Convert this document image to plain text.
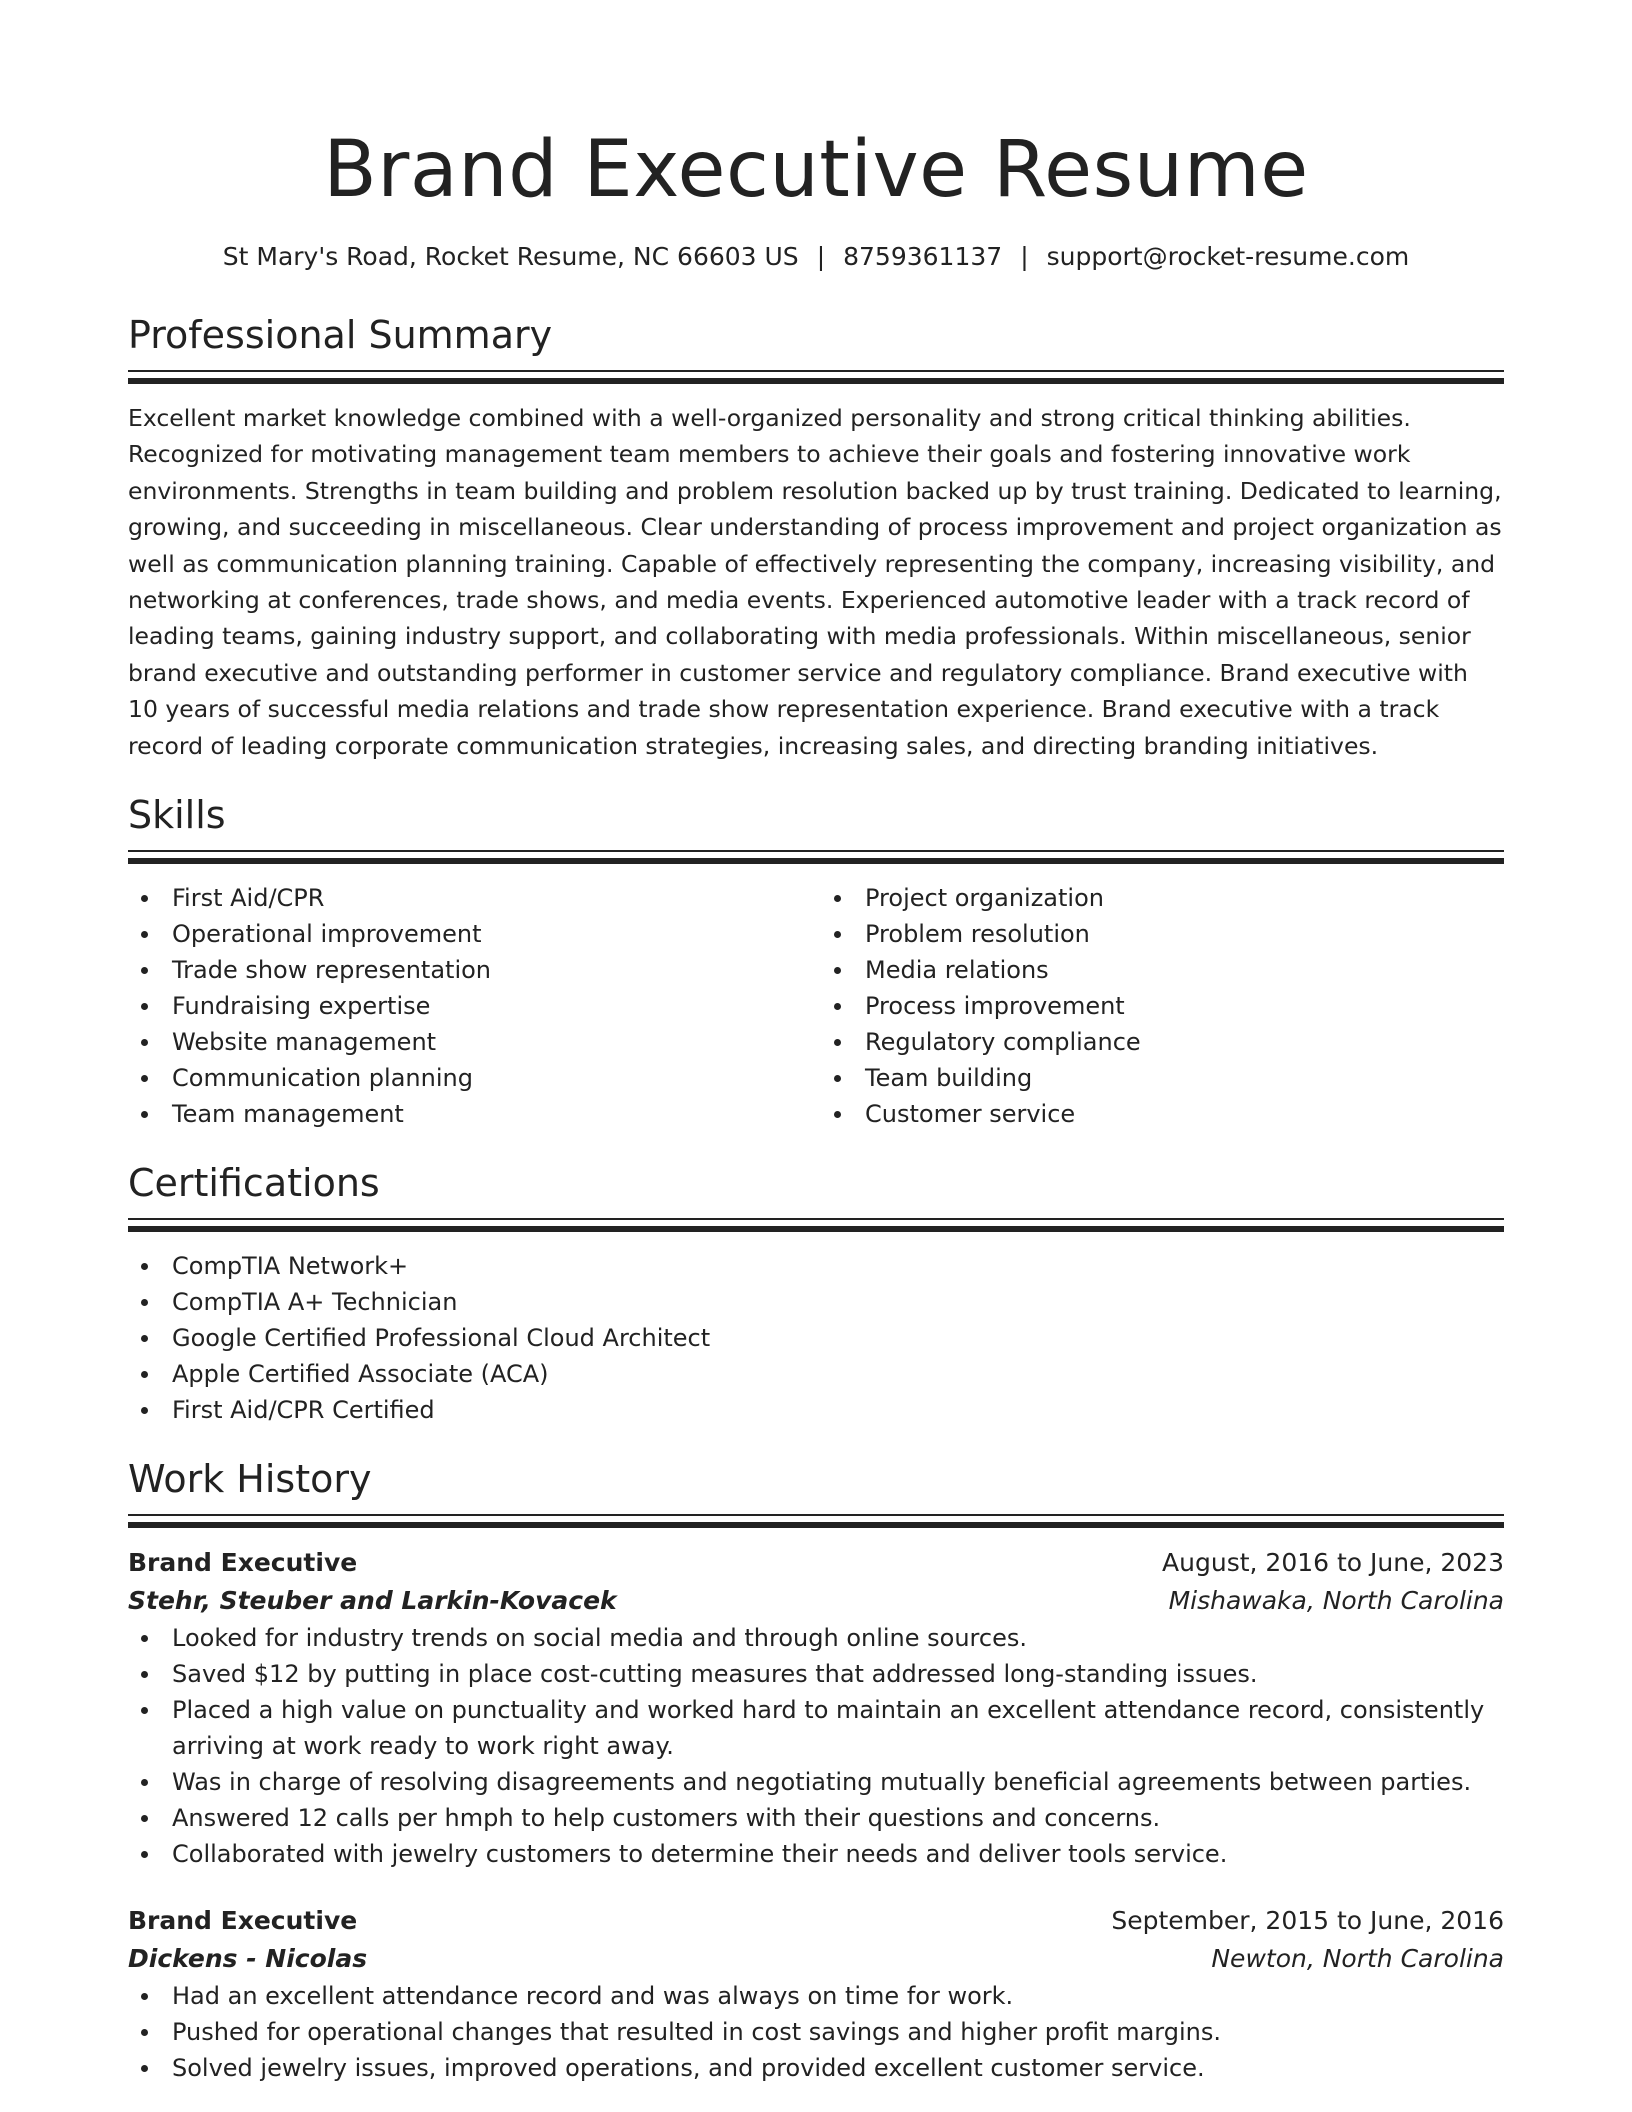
Brand Executive Resume
St Mary's Road, Rocket Resume, NC 66603 US | 8759361137 | support@rocket-resume.com
Professional Summary

Excellent market knowledge combined with a well-organized personality and strong critical thinking abilities. Recognized for motivating management team members to achieve their goals and fostering innovative work environments. Strengths in team building and problem resolution backed up by trust training. Dedicated to learning, growing, and succeeding in miscellaneous. Clear understanding of process improvement and project organization as well as communication planning training. Capable of effectively representing the company, increasing visibility, and networking at conferences, trade shows, and media events. Experienced automotive leader with a track record of leading teams, gaining industry support, and collaborating with media professionals. Within miscellaneous, senior brand executive and outstanding performer in customer service and regulatory compliance. Brand executive with 10 years of successful media relations and trade show representation experience. Brand executive with a track record of leading corporate communication strategies, increasing sales, and directing branding initiatives.

Skills
First Aid/CPR
Operational improvement
Trade show representation
Fundraising expertise
Website management
Communication planning
Team management
Project organization
Problem resolution
Media relations
Process improvement
Regulatory compliance
Team building
Customer service
Certifications
CompTIA Network+
CompTIA A+ Technician
Google Certified Professional Cloud Architect
Apple Certified Associate (ACA)
First Aid/CPR Certified
Work History
Brand Executive	August, 2016 to June, 2023
Stehr, Steuber and Larkin-Kovacek	Mishawaka, North Carolina
Looked for industry trends on social media and through online sources.
Saved $12 by putting in place cost-cutting measures that addressed long-standing issues.
Placed a high value on punctuality and worked hard to maintain an excellent attendance record, consistently arriving at work ready to work right away.
Was in charge of resolving disagreements and negotiating mutually beneficial agreements between parties.
Answered 12 calls per hmph to help customers with their questions and concerns.
Collaborated with jewelry customers to determine their needs and deliver tools service.
Brand Executive	September, 2015 to June, 2016
Dickens - Nicolas	Newton, North Carolina
Had an excellent attendance record and was always on time for work.
Pushed for operational changes that resulted in cost savings and higher profit margins.
Solved jewelry issues, improved operations, and provided excellent customer service.
